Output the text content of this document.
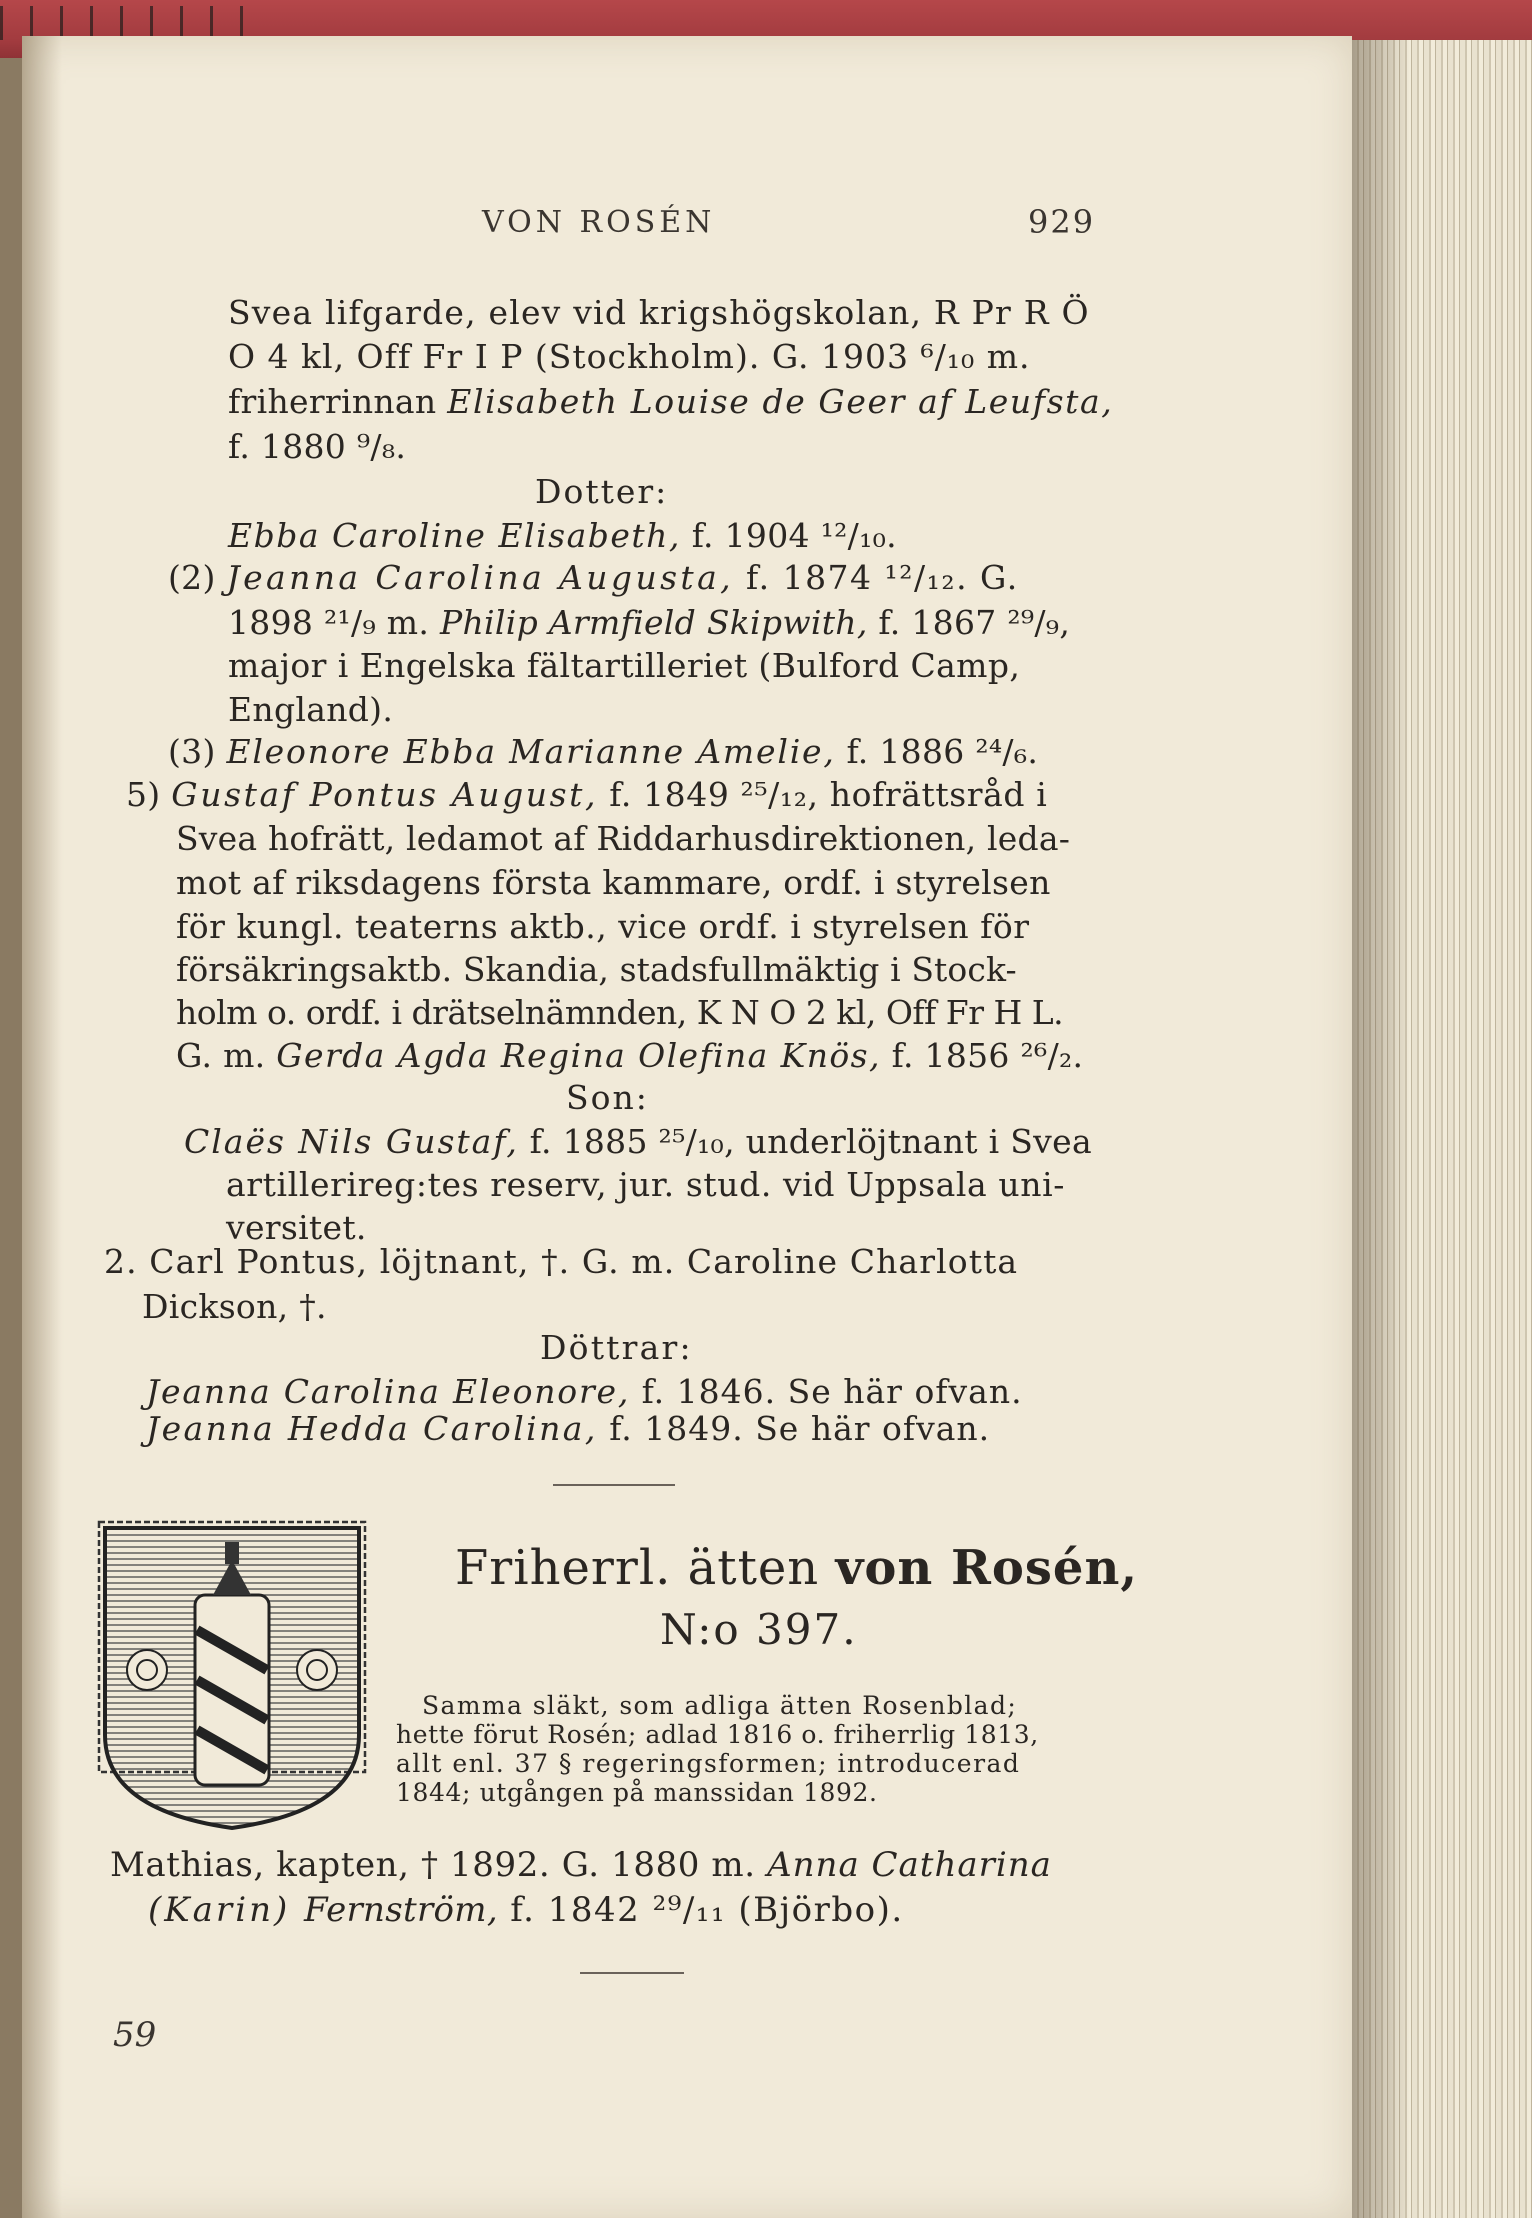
VON ROSÉN	929
Svea lifgarde, elev vid krigshögskolan, R Pr R Ö
O 4 kl, Off Fr I P (Stockholm). G. 1903 ⁶/₁₀ m.
friherrinnan Elisabeth Louise de Geer af Leufsta,
f. 1880 ⁹/₈.
Dotter:
Ebba Caroline Elisabeth, f. 1904 ¹²/₁₀.
(2) Jeanna Carolina Augusta, f. 1874 ¹²/₁₂. G.
1898 ²¹/₉ m. Philip Armfield Skipwith, f. 1867 ²⁹/₉,
major i Engelska fältartilleriet (Bulford Camp,
England).
(3) Eleonore Ebba Marianne Amelie, f. 1886 ²⁴/₆.
5) Gustaf Pontus August, f. 1849 ²⁵/₁₂, hofrättsråd i
Svea hofrätt, ledamot af Riddarhusdirektionen, leda-
mot af riksdagens första kammare, ordf. i styrelsen
för kungl. teaterns aktb., vice ordf. i styrelsen för
försäkringsaktb. Skandia, stadsfullmäktig i Stock-
holm o. ordf. i drätselnämnden, K N O 2 kl, Off Fr H L.
G. m. Gerda Agda Regina Olefina Knös, f. 1856 ²⁶/₂.
Son:
Claës Nils Gustaf, f. 1885 ²⁵/₁₀, underlöjtnant i Svea
artillerireg:tes reserv, jur. stud. vid Uppsala uni-
versitet.
2. Carl Pontus, löjtnant, †. G. m. Caroline Charlotta
Dickson, †.
Döttrar:
Jeanna Carolina Eleonore, f. 1846. Se här ofvan.
Jeanna Hedda Carolina, f. 1849. Se här ofvan.
Friherrl. ätten von Rosén,
N:o 397.
Samma släkt, som adliga ätten Rosenblad;
hette förut Rosén; adlad 1816 o. friherrlig 1813,
allt enl. 37 § regeringsformen; introducerad
1844; utgången på manssidan 1892.
Mathias, kapten, † 1892. G. 1880 m. Anna Catharina
(Karin) Fernström, f. 1842 ²⁹/₁₁ (Björbo).
59
